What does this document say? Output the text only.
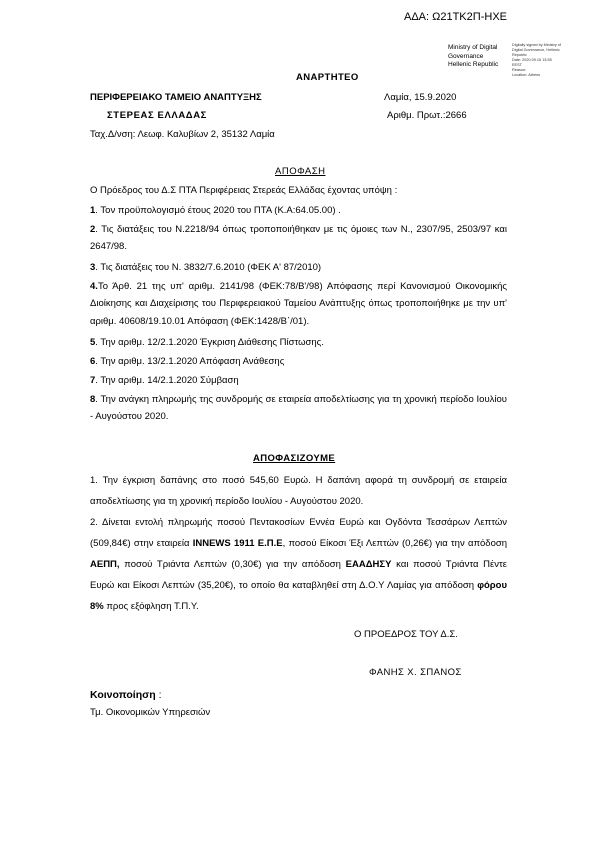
ΑΔΑ: Ω21ΤΚ2Π-ΗΧΕ
Ministry of Digital
Governance
Hellenic Republic
Digitally signed by Ministry of
Digital Governance, Hellenic
Republic
Date: 2020.09.15 13:55
EEST
Reason:
Location: Athens
ΑΝΑΡΤΗΤΕΟ
ΠΕΡΙΦΕΡΕΙΑΚΟ ΤΑΜΕΙΟ ΑΝΑΠΤΥΞΗΣ
ΣΤΕΡΕΑΣ ΕΛΛΑΔΑΣ
Ταχ.Δ/νση: Λεωφ. Καλυβίων 2, 35132 Λαμία
Λαμία, 15.9.2020
Αριθμ. Πρωτ.:2666
ΑΠΟΦΑΣΗ
Ο Πρόεδρος του Δ.Σ ΠΤΑ Περιφέρειας Στερεάς Ελλάδας έχοντας υπόψη :
1. Τον προϋπολογισμό έτους 2020 του ΠΤΑ (Κ.Α:64.05.00) .
2. Τις διατάξεις του Ν.2218/94 όπως τροποποιήθηκαν με τις όμοιες των Ν., 2307/95, 2503/97 και 2647/98.
3. Τις διατάξεις του Ν. 3832/7.6.2010 (ΦΕΚ Α' 87/2010)
4.Το Άρθ. 21 της υπ' αριθμ. 2141/98 (ΦΕΚ:78/Β'/98) Απόφασης περί Κανονισμού Οικονομικής Διοίκησης και Διαχείρισης του Περιφερειακού Ταμείου Ανάπτυξης όπως τροποποιήθηκε με την υπ' αριθμ. 40608/19.10.01 Απόφαση (ΦΕΚ:1428/Β΄/01).
5. Την αριθμ. 12/2.1.2020 Έγκριση Διάθεσης Πίστωσης.
6. Την αριθμ. 13/2.1.2020 Απόφαση Ανάθεσης
7. Την αριθμ. 14/2.1.2020 Σύμβαση
8. Την ανάγκη πληρωμής της συνδρομής σε εταιρεία αποδελτίωσης για τη χρονική περίοδο Ιουλίου - Αυγούστου 2020.
ΑΠΟΦΑΣΙΖΟΥΜΕ
1. Την έγκριση δαπάνης στο ποσό 545,60 Ευρώ. Η δαπάνη αφορά τη συνδρομή σε εταιρεία αποδελτίωσης για τη χρονική περίοδο Ιουλίου - Αυγούστου 2020.
2. Δίνεται εντολή πληρωμής ποσού Πεντακοσίων Εννέα Ευρώ και Ογδόντα Τεσσάρων Λεπτών (509,84€) στην εταιρεία INNEWS 1911 Ε.Π.Ε, ποσού Είκοσι Έξι Λεπτών (0,26€) για την απόδοση ΑΕΠΠ, ποσού Τριάντα Λεπτών (0,30€) για την απόδοση ΕΑΑΔΗΣΥ και ποσού Τριάντα Πέντε Ευρώ και Είκοσι Λεπτών (35,20€), το οποίο θα καταβληθεί στη Δ.Ο.Υ Λαμίας για απόδοση φόρου 8% προς εξόφληση Τ.Π.Υ.
Ο ΠΡΟΕΔΡΟΣ ΤΟΥ Δ.Σ.
ΦΑΝΗΣ Χ. ΣΠΑΝΟΣ
Κοινοποίηση :
Τμ. Οικονομικών Υπηρεσιών
